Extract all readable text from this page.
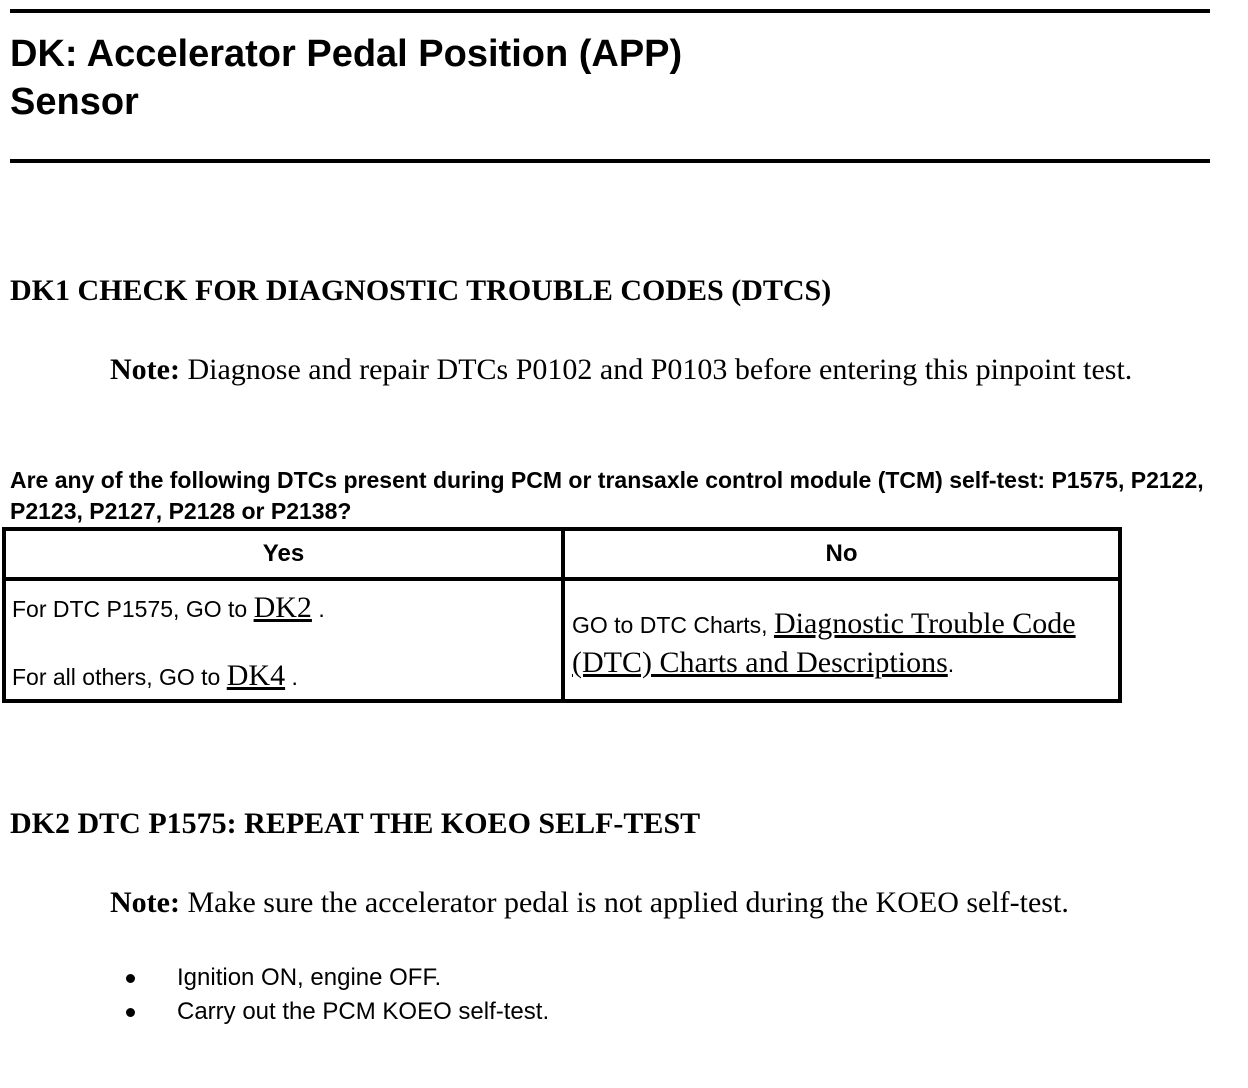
DK: Accelerator Pedal Position (APP)
Sensor
DK1 CHECK FOR DIAGNOSTIC TROUBLE CODES (DTCS)

Note: Diagnose and repair DTCs P0102 and P0103 before entering this pinpoint test.

Are any of the following DTCs present during PCM or transaxle control module (TCM) self-test: P1575, P2122, P2123, P2127, P2128 or P2138?

Yes	No
For DTC P1575, GO to DK2 .
For all others, GO to DK4 .
GO to DTC Charts, Diagnostic Trouble Code (DTC) Charts and Descriptions.
DK2 DTC P1575: REPEAT THE KOEO SELF-TEST

Note: Make sure the accelerator pedal is not applied during the KOEO self-test.

Ignition ON, engine OFF.
Carry out the PCM KOEO self-test.
